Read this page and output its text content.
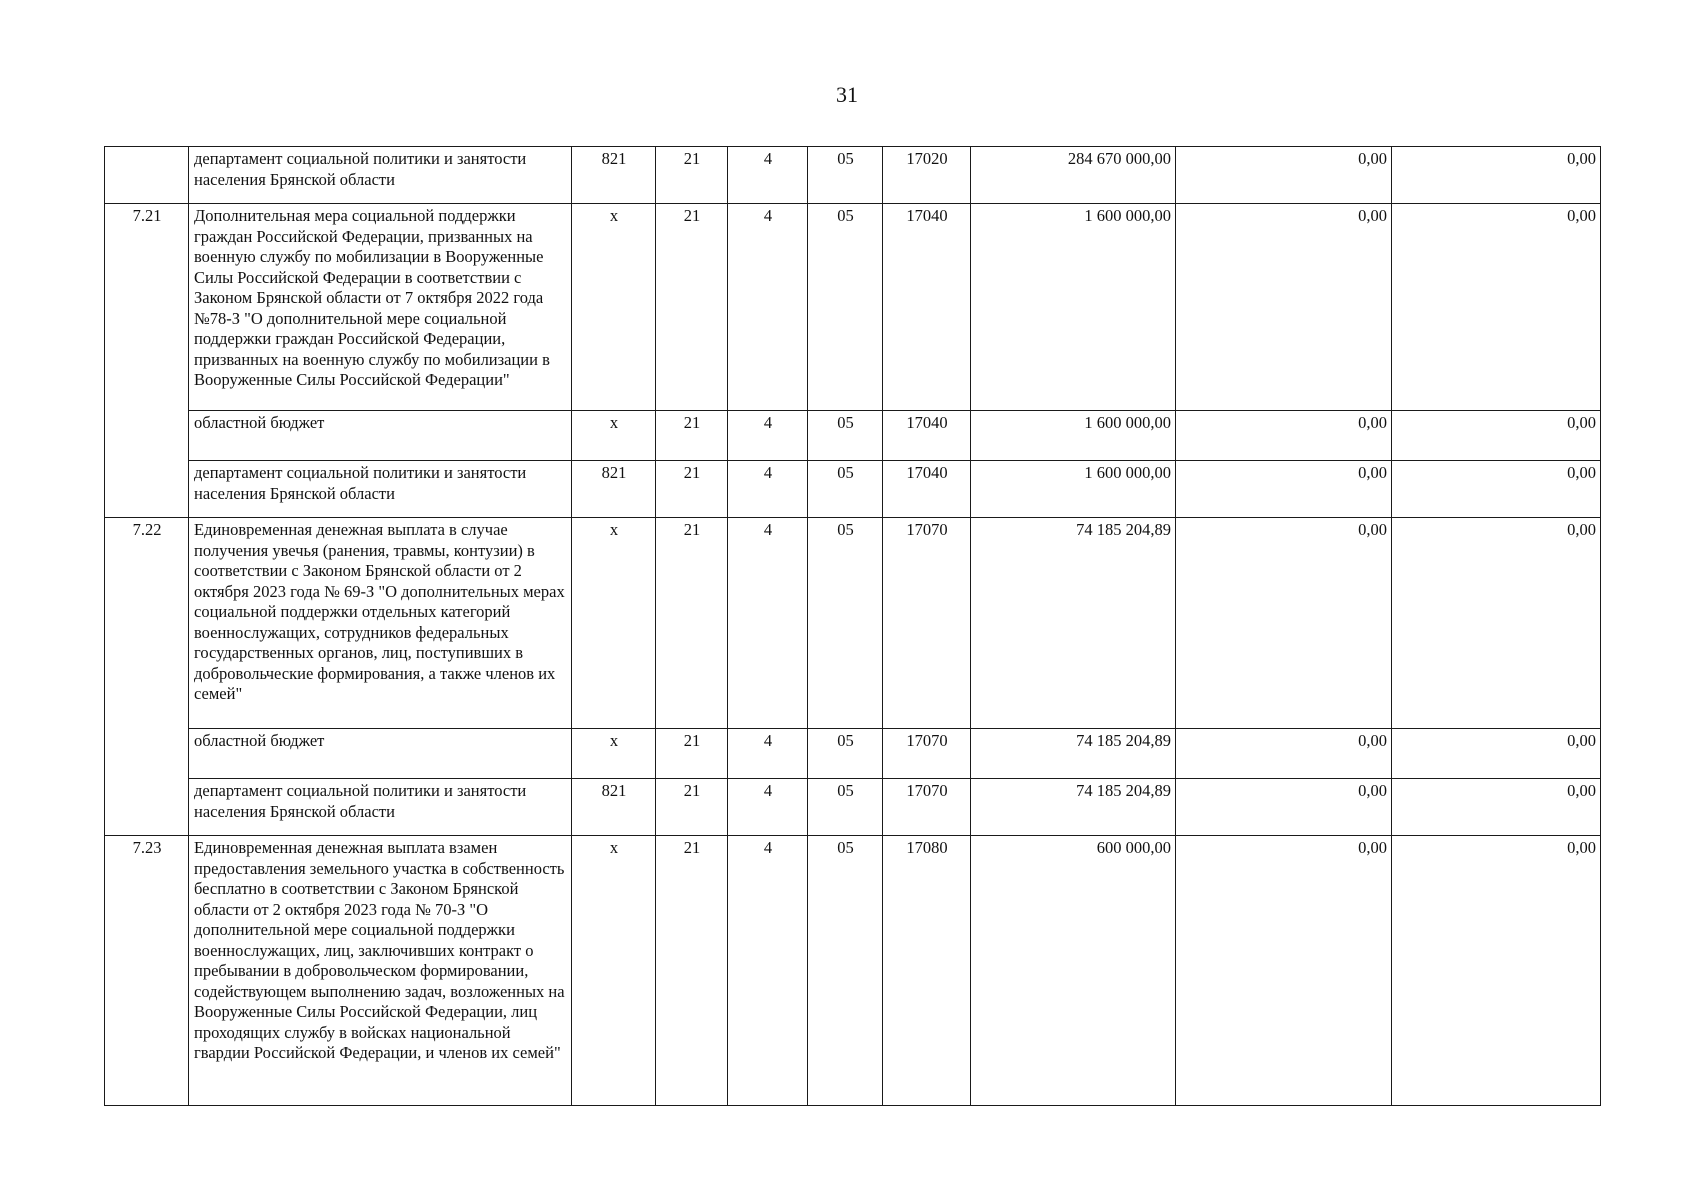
31
	департамент социальной политики и занятости населения Брянской области	821	21	4	05	17020	284 670 000,00	0,00	0,00
7.21	Дополнительная мера социальной поддержки граждан Российской Федерации, призванных на военную службу по мобилизации в Вооруженные Силы Российской Федерации в соответствии с Законом Брянской области от 7 октября 2022 года №78-З "О дополнительной мере социальной поддержки граждан Российской Федерации, призванных на военную службу по мобилизации в Вооруженные Силы Российской Федерации"	х	21	4	05	17040	1 600 000,00	0,00	0,00
	областной бюджет	х	21	4	05	17040	1 600 000,00	0,00	0,00
	департамент социальной политики и занятости населения Брянской области	821	21	4	05	17040	1 600 000,00	0,00	0,00
7.22	Единовременная денежная выплата в случае получения увечья (ранения, травмы, контузии) в соответствии с Законом Брянской области от 2 октября 2023 года № 69-З "О дополнительных мерах социальной поддержки отдельных категорий военнослужащих, сотрудников федеральных государственных органов, лиц, поступивших в добровольческие формирования, а также членов их семей"	х	21	4	05	17070	74 185 204,89	0,00	0,00
	областной бюджет	х	21	4	05	17070	74 185 204,89	0,00	0,00
	департамент социальной политики и занятости населения Брянской области	821	21	4	05	17070	74 185 204,89	0,00	0,00
7.23	Единовременная денежная выплата взамен предоставления земельного участка в собственность бесплатно в соответствии с Законом Брянской области от 2 октября 2023 года № 70-З "О дополнительной мере социальной поддержки военнослужащих, лиц, заключивших контракт о пребывании в добровольческом формировании, содействующем выполнению задач, возложенных на Вооруженные Силы Российской Федерации, лиц проходящих службу в войсках национальной гвардии Российской Федерации, и членов их семей"	х	21	4	05	17080	600 000,00	0,00	0,00
